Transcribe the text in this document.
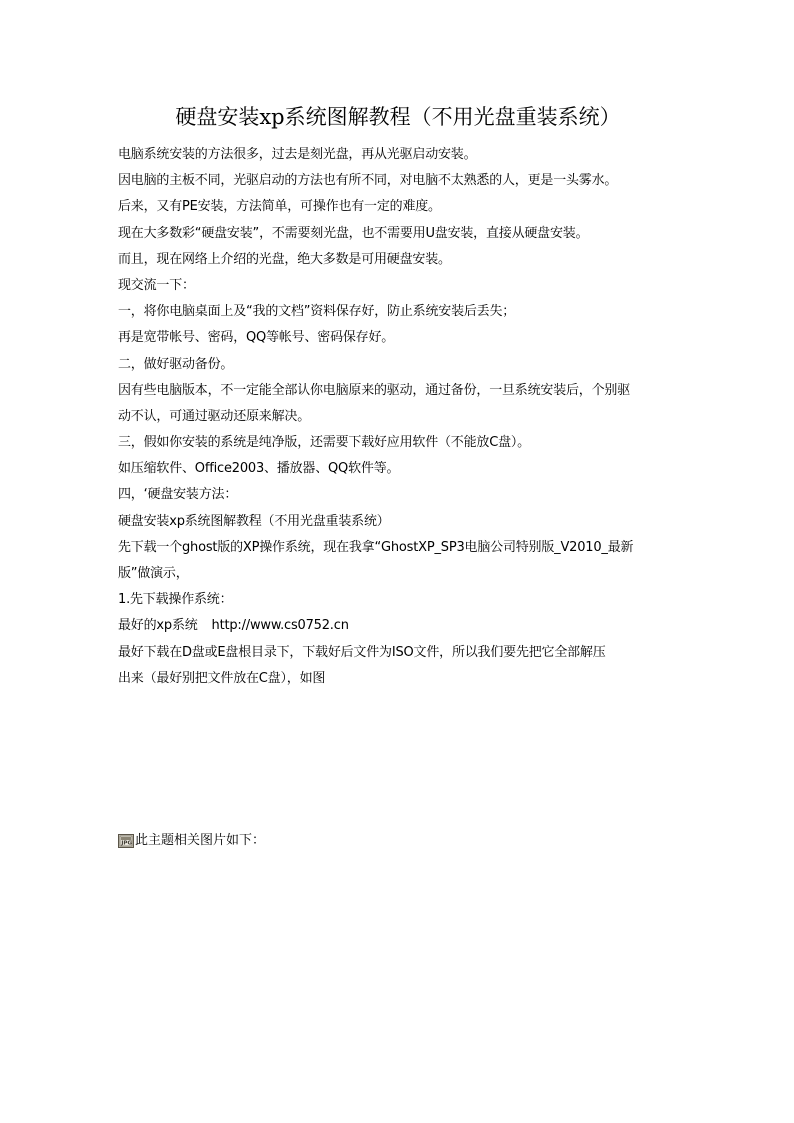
硬盘安装xp系统图解教程（不用光盘重装系统）
电脑系统安装的方法很多，过去是刻光盘，再从光驱启动安装。
因电脑的主板不同，光驱启动的方法也有所不同，对电脑不太熟悉的人，更是一头雾水。
后来，又有PE安装，方法简单，可操作也有一定的难度。
现在大多数彩“硬盘安装”，不需要刻光盘，也不需要用U盘安装，直接从硬盘安装。
而且，现在网络上介绍的光盘，绝大多数是可用硬盘安装。
现交流一下：
一，将你电脑桌面上及“我的文档”资料保存好，防止系统安装后丢失；
再是宽带帐号、密码，QQ等帐号、密码保存好。
二，做好驱动备份。
因有些电脑版本，不一定能全部认你电脑原来的驱动，通过备份，一旦系统安装后，个别驱
动不认，可通过驱动还原来解决。
三，假如你安装的系统是纯净版，还需要下载好应用软件（不能放C盘）。
如压缩软件、Office2003、播放器、QQ软件等。
四，‘硬盘安装方法：
硬盘安装xp系统图解教程（不用光盘重装系统）
先下载一个ghost版的XP操作系统，现在我拿“GhostXP_SP3电脑公司特别版_V2010_最新
版”做演示，
1.先下载操作系统：
最好的xp系统 http://www.cs0752.cn
最好下载在D盘或E盘根目录下，下载好后文件为ISO文件，所以我们要先把它全部解压
出来（最好别把文件放在C盘），如图
JPG 此主题相关图片如下：
